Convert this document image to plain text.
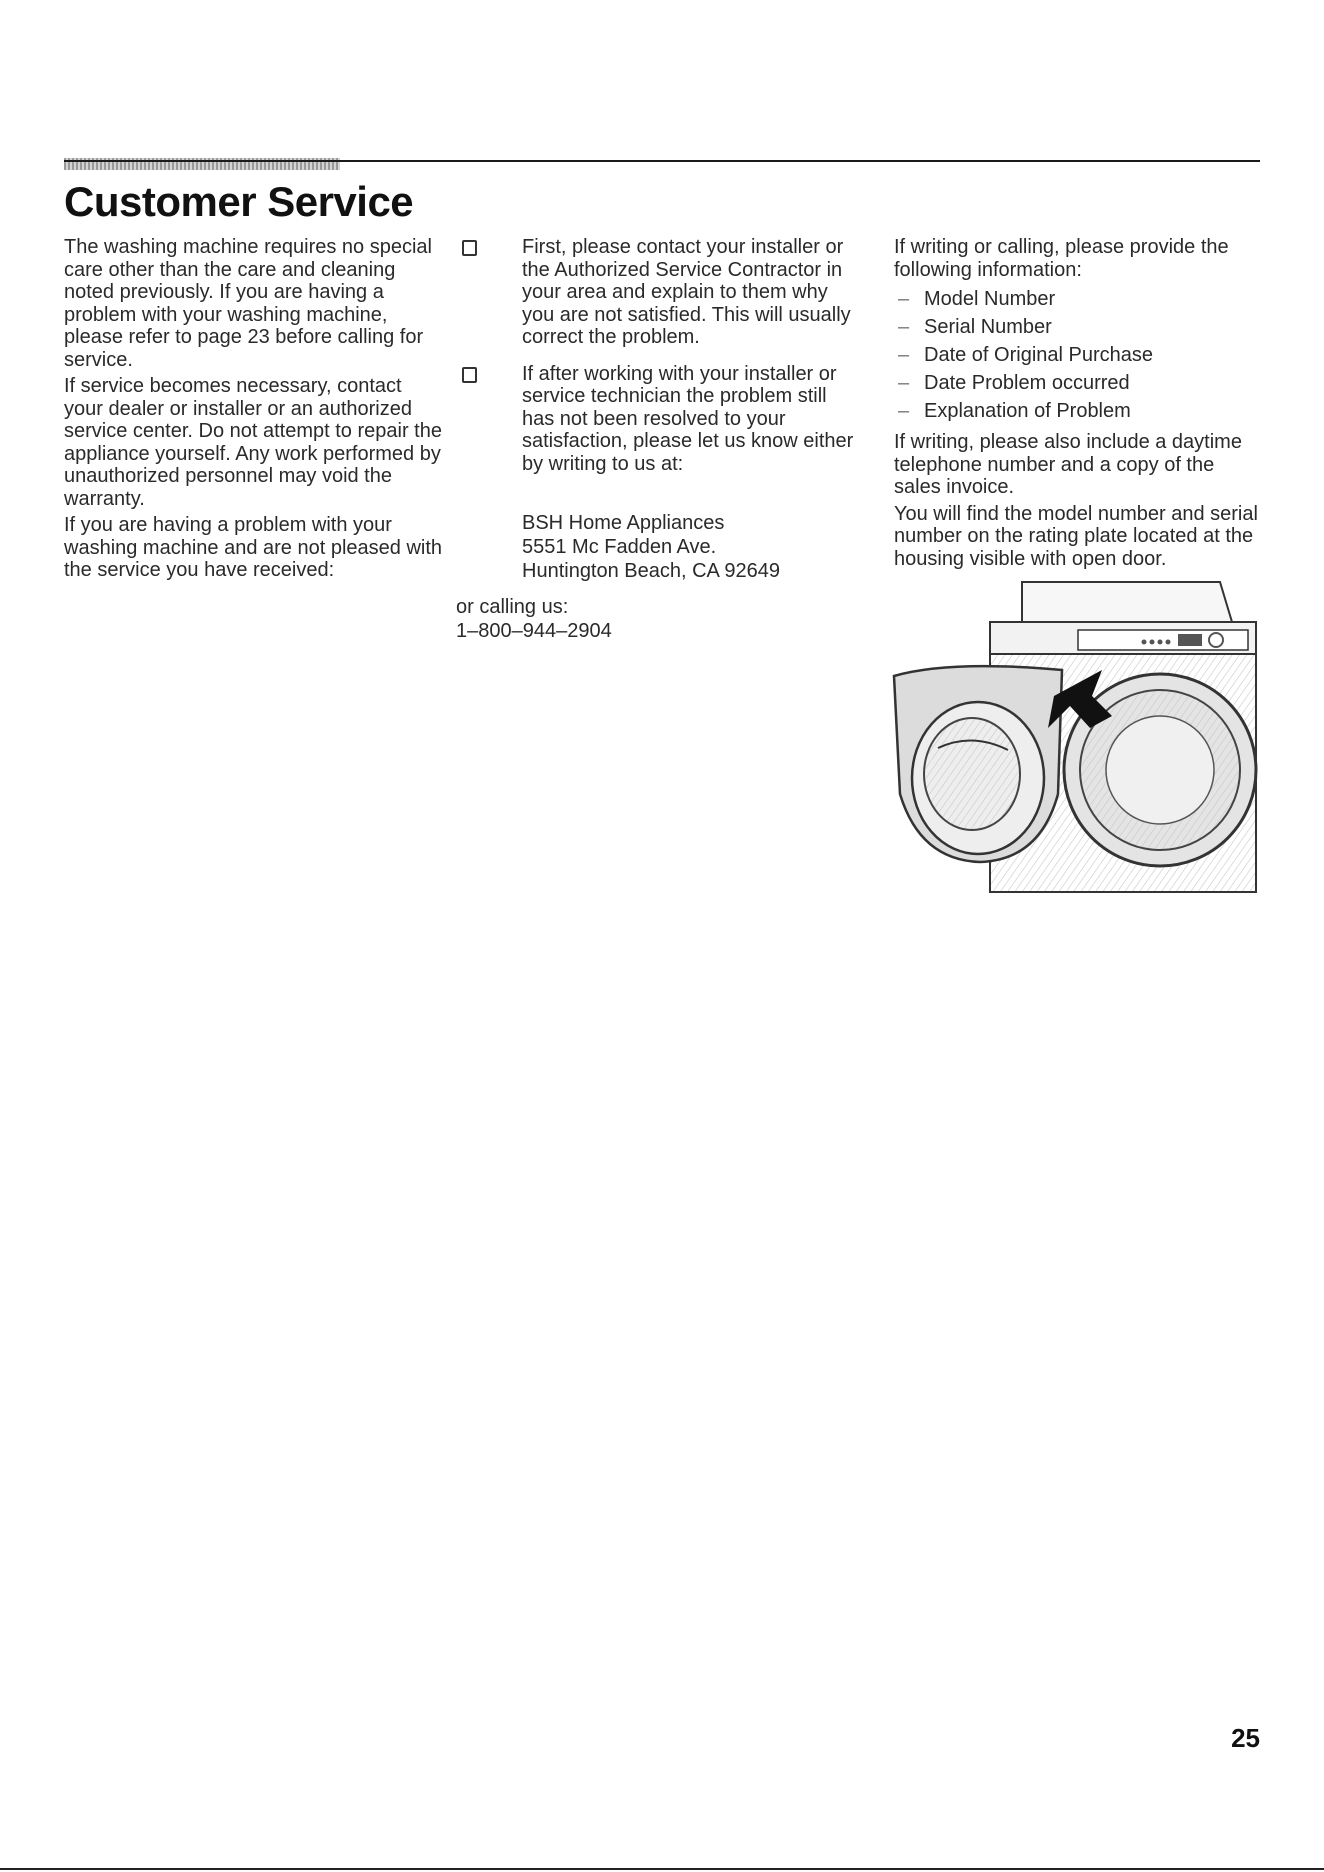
Customer Service

The washing machine requires no special care other than the care and cleaning noted previously. If you are having a problem with your washing machine, please refer to page 23 before calling for service.

If service becomes necessary, contact your dealer or installer or an authorized service center. Do not attempt to repair the appliance yourself. Any work performed by unauthorized personnel may void the warranty.

If you are having a problem with your washing machine and are not pleased with the service you have received:

First, please contact your installer or the Authorized Service Contractor in your area and explain to them why you are not satisfied. This will usually correct the problem.
If after working with your installer or service technician the problem still has not been resolved to your satisfaction, please let us know either by writing to us at:
BSH Home Appliances
5551 Mc Fadden Ave.
Huntington Beach, CA 92649
or calling us:
1–800–944–2904

If writing or calling, please provide the following information:

– Model Number
– Serial Number
– Date of Original Purchase
– Date Problem occurred
– Explanation of Problem

If writing, please also include a daytime telephone number and a copy of the sales invoice.

You will find the model number and serial number on the rating plate located at the housing visible with open door.

25
